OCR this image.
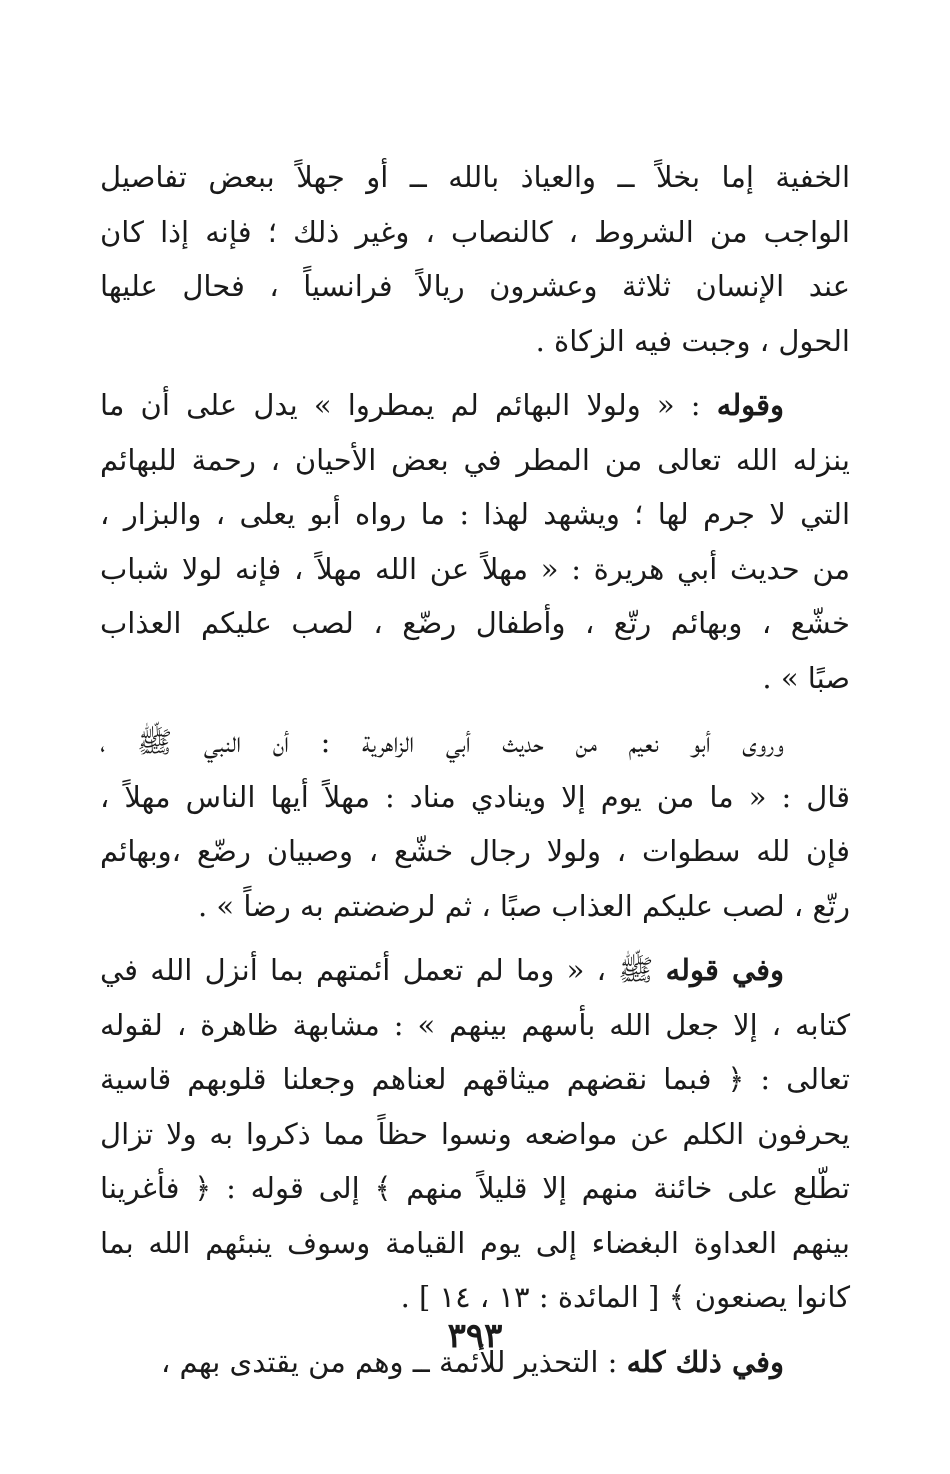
الخفية إما بخلاً ــ والعياذ بالله ــ أو جهلاً ببعض تفاصيل
الواجب من الشروط ، كالنصاب ، وغير ذلك ؛ فإنه إذا كان
عند الإنسان ثلاثة وعشرون ريالاً فرانسياً ، فحال عليها
الحول ، وجبت فيه الزكاة .
وقوله : « ولولا البهائم لم يمطروا » يدل على أن ما
ينزله الله تعالى من المطر في بعض الأحيان ، رحمة للبهائم
التي لا جرم لها ؛ ويشهد لهذا : ما رواه أبو يعلى ، والبزار ،
من حديث أبي هريرة : « مهلاً عن الله مهلاً ، فإنه لولا شباب
خشّع ، وبهائم رتّع ، وأطفال رضّع ، لصب عليكم العذاب
صبًا » .
وروى أبو نعيم من حديث أبي الزاهرية : أن النبي ﷺ ،
قال : « ما من يوم إلا وينادي مناد : مهلاً أيها الناس مهلاً ،
فإن لله سطوات ، ولولا رجال خشّع ، وصبيان رضّع ،وبهائم
رتّع ، لصب عليكم العذاب صبًا ، ثم لرضضتم به رضاً » .
وفي قوله ﷺ ، « وما لم تعمل أئمتهم بما أنزل الله في
كتابه ، إلا جعل الله بأسهم بينهم » : مشابهة ظاهرة ، لقوله
تعالى : ﴿ فبما نقضهم ميثاقهم لعناهم وجعلنا قلوبهم قاسية
يحرفون الكلم عن مواضعه ونسوا حظاً مما ذكروا به ولا تزال
تطّلع على خائنة منهم إلا قليلاً منهم ﴾ إلى قوله : ﴿ فأغرينا
بينهم العداوة البغضاء إلى يوم القيامة وسوف ينبئهم الله بما
كانوا يصنعون ﴾ [ المائدة : ١٣ ، ١٤ ] .
وفي ذلك كله : التحذير للأئمة ــ وهم من يقتدى بهم ،
٣٩٣
